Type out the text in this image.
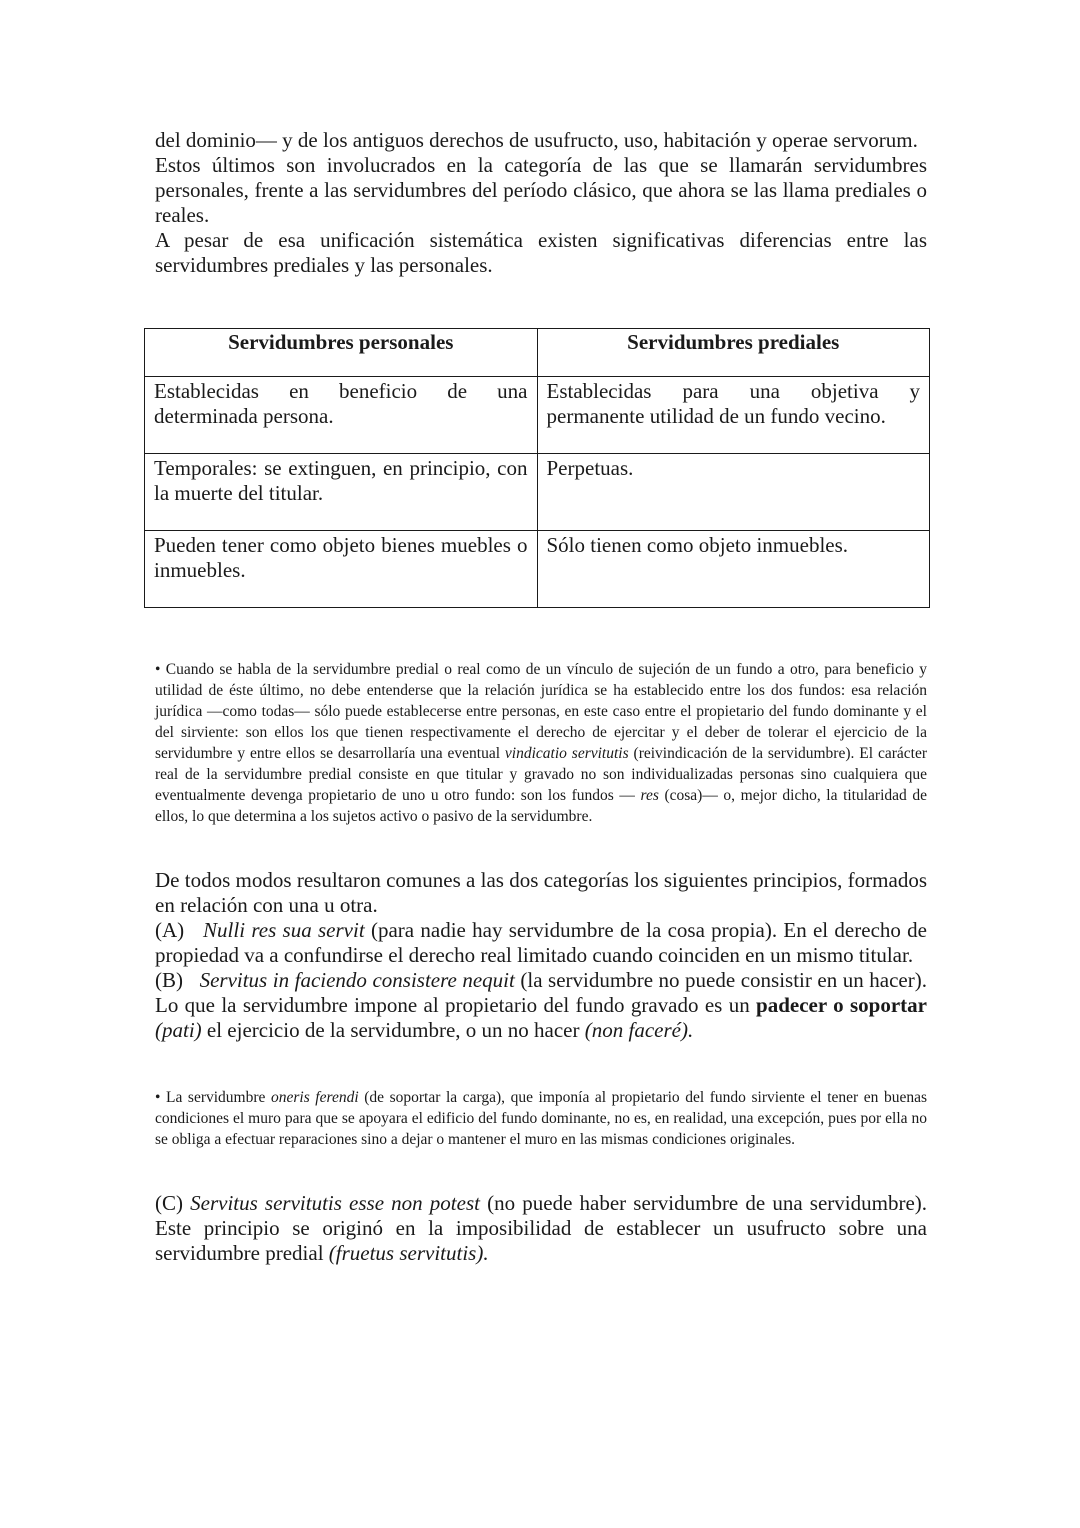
del dominio— y de los antiguos derechos de usufructo, uso, habitación y operae servorum.

Estos últimos son involucrados en la categoría de las que se llamarán servidumbres personales, frente a las servidumbres del período clásico, que ahora se las llama prediales o reales.

A pesar de esa unificación sistemática existen significativas diferencias entre las servidumbres prediales y las personales.

Servidumbres personales	Servidumbres prediales
Establecidas en beneficio de una determinada persona.	Establecidas para una objetiva y permanente utilidad de un fundo vecino.
Temporales: se extinguen, en principio, con la muerte del titular.	Perpetuas.
Pueden tener como objeto bienes muebles o inmuebles.	Sólo tienen como objeto inmuebles.

• Cuando se habla de la servidumbre predial o real como de un vínculo de sujeción de un fundo a otro, para beneficio y utilidad de éste último, no debe entenderse que la relación jurídica se ha establecido entre los dos fundos: esa relación jurídica —como todas— sólo puede establecerse entre personas, en este caso entre el propietario del fundo dominante y el del sirviente: son ellos los que tienen respectivamente el derecho de ejercitar y el deber de tolerar el ejercicio de la servidumbre y entre ellos se desarrollaría una eventual vindicatio servitutis (reivindicación de la servidumbre). El carácter real de la servidumbre predial consiste en que titular y gravado no son individualizadas personas sino cualquiera que eventualmente devenga propietario de uno u otro fundo: son los fundos — res (cosa)— o, mejor dicho, la titularidad de ellos, lo que determina a los sujetos activo o pasivo de la servidumbre.

De todos modos resultaron comunes a las dos categorías los siguientes principios, formados en relación con una u otra.

(A) Nulli res sua servit (para nadie hay servidumbre de la cosa propia). En el derecho de propiedad va a confundirse el derecho real limitado cuando coinciden en un mismo titular.

(B) Servitus in faciendo consistere nequit (la servidumbre no puede consistir en un hacer). Lo que la servidumbre impone al propietario del fundo gravado es un padecer o soportar (pati) el ejercicio de la servidumbre, o un no hacer (non faceré).

• La servidumbre oneris ferendi (de soportar la carga), que imponía al propietario del fundo sirviente el tener en buenas condiciones el muro para que se apoyara el edificio del fundo dominante, no es, en realidad, una excepción, pues por ella no se obliga a efectuar reparaciones sino a dejar o mantener el muro en las mismas condiciones originales.

(C) Servitus servitutis esse non potest (no puede haber servidumbre de una servidumbre). Este principio se originó en la imposibilidad de establecer un usufructo sobre una servidumbre predial (fruetus servitutis).
